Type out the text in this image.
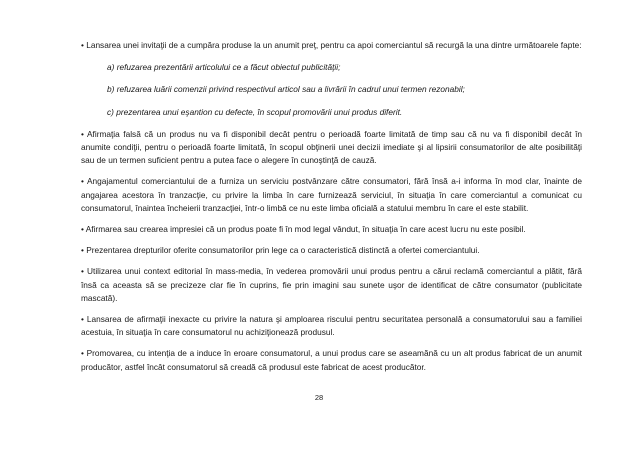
• Lansarea unei invitaţii de a cumpăra produse la un anumit preţ, pentru ca apoi comerciantul să recurgă la una dintre următoarele fapte:

a) refuzarea prezentării articolului ce a făcut obiectul publicităţii;

b) refuzarea luării comenzii privind respectivul articol sau a livrării în cadrul unui termen rezonabil;

c) prezentarea unui eşantion cu defecte, în scopul promovării unui produs diferit.

• Afirmaţia falsă că un produs nu va fi disponibil decât pentru o perioadă foarte limitată de timp sau că nu va fi disponibil decât în anumite condiţii, pentru o perioadă foarte limitată, în scopul obţinerii unei decizii imediate şi al lipsirii consumatorilor de alte posibilităţi sau de un termen suficient pentru a putea face o alegere în cunoştinţă de cauză.

• Angajamentul comerciantului de a furniza un serviciu postvânzare către consumatori, fără însă a-i informa în mod clar, înainte de angajarea acestora în tranzacţie, cu privire la limba în care furnizează serviciul, în situaţia în care comerciantul a comunicat cu consumatorul, înaintea încheierii tranzacţiei, într-o limbă ce nu este limba oficială a statului membru în care el este stabilit.

• Afirmarea sau crearea impresiei că un produs poate fi în mod legal vândut, în situaţia în care acest lucru nu este posibil.

• Prezentarea drepturilor oferite consumatorilor prin lege ca o caracteristică distinctă a ofertei comerciantului.

• Utilizarea unui context editorial în mass-media, în vederea promovării unui produs pentru a cărui reclamă comerciantul a plătit, fără însă ca aceasta să se precizeze clar fie în cuprins, fie prin imagini sau sunete uşor de identificat de către consumator (publicitate mascată).

• Lansarea de afirmaţii inexacte cu privire la natura şi amploarea riscului pentru securitatea personală a consumatorului sau a familiei acestuia, în situaţia în care consumatorul nu achiziţionează produsul.

• Promovarea, cu intenţia de a induce în eroare consumatorul, a unui produs care se aseamănă cu un alt produs fabricat de un anumit producător, astfel încât consumatorul să creadă că produsul este fabricat de acest producător.

28
